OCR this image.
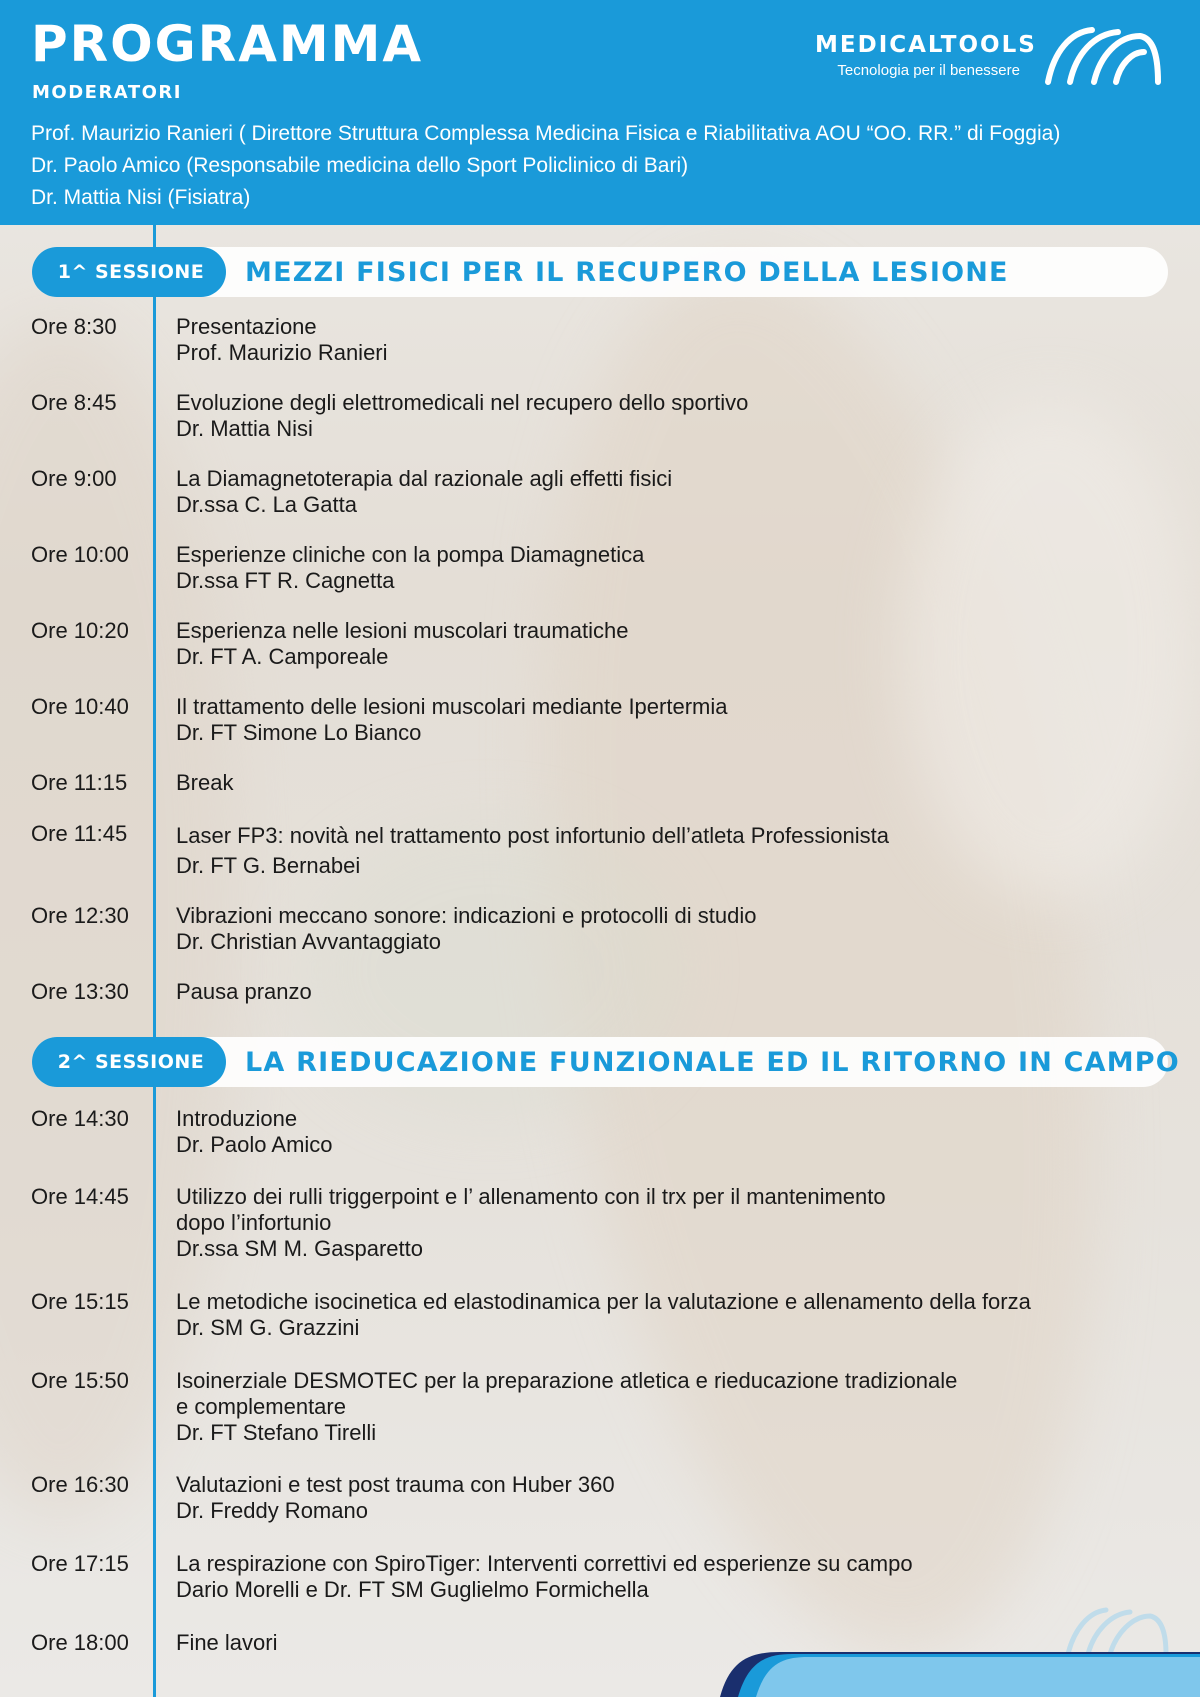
PROGRAMMA
MODERATORI
Prof. Maurizio Ranieri ( Direttore Struttura Complessa Medicina Fisica e Riabilitativa AOU “OO. RR.” di Foggia)
Dr. Paolo Amico (Responsabile medicina dello Sport Policlinico di Bari)
Dr. Mattia Nisi (Fisiatra)
MEDICALTOOLS
Tecnologia per il benessere
1^ SESSIONE	MEZZI FISICI PER IL RECUPERO DELLA LESIONE
Ore 8:30	Presentazione
Prof. Maurizio Ranieri
Ore 8:45	Evoluzione degli elettromedicali nel recupero dello sportivo
Dr. Mattia Nisi
Ore 9:00	La Diamagnetoterapia dal razionale agli effetti fisici
Dr.ssa C. La Gatta
Ore 10:00 Esperienze cliniche con la pompa Diamagnetica
Dr.ssa FT R. Cagnetta
Ore 10:20 Esperienza nelle lesioni muscolari traumatiche
Dr. FT A. Camporeale
Ore 10:40 Il trattamento delle lesioni muscolari mediante Ipertermia
Dr. FT Simone Lo Bianco
Ore 11:15 Break
Ore 11:45 Laser FP3: novità nel trattamento post infortunio dell’atleta Professionista
Dr. FT G. Bernabei
Ore 12:30 Vibrazioni meccano sonore: indicazioni e protocolli di studio
Dr. Christian Avvantaggiato
Ore 13:30 Pausa pranzo
2^ SESSIONE	LA RIEDUCAZIONE FUNZIONALE ED IL RITORNO IN CAMPO
Ore 14:30 Introduzione
Dr. Paolo Amico
Ore 14:45 Utilizzo dei rulli triggerpoint e l’ allenamento con il trx per il mantenimento
dopo l’infortunio
Dr.ssa SM M. Gasparetto
Ore 15:15 Le metodiche isocinetica ed elastodinamica per la valutazione e allenamento della forza
Dr. SM G. Grazzini
Ore 15:50 Isoinerziale DESMOTEC per la preparazione atletica e rieducazione tradizionale
e complementare
Dr. FT Stefano Tirelli
Ore 16:30 Valutazioni e test post trauma con Huber 360
Dr. Freddy Romano
Ore 17:15 La respirazione con SpiroTiger: Interventi correttivi ed esperienze su campo
Dario Morelli e Dr. FT SM Guglielmo Formichella
Ore 18:00 Fine lavori
